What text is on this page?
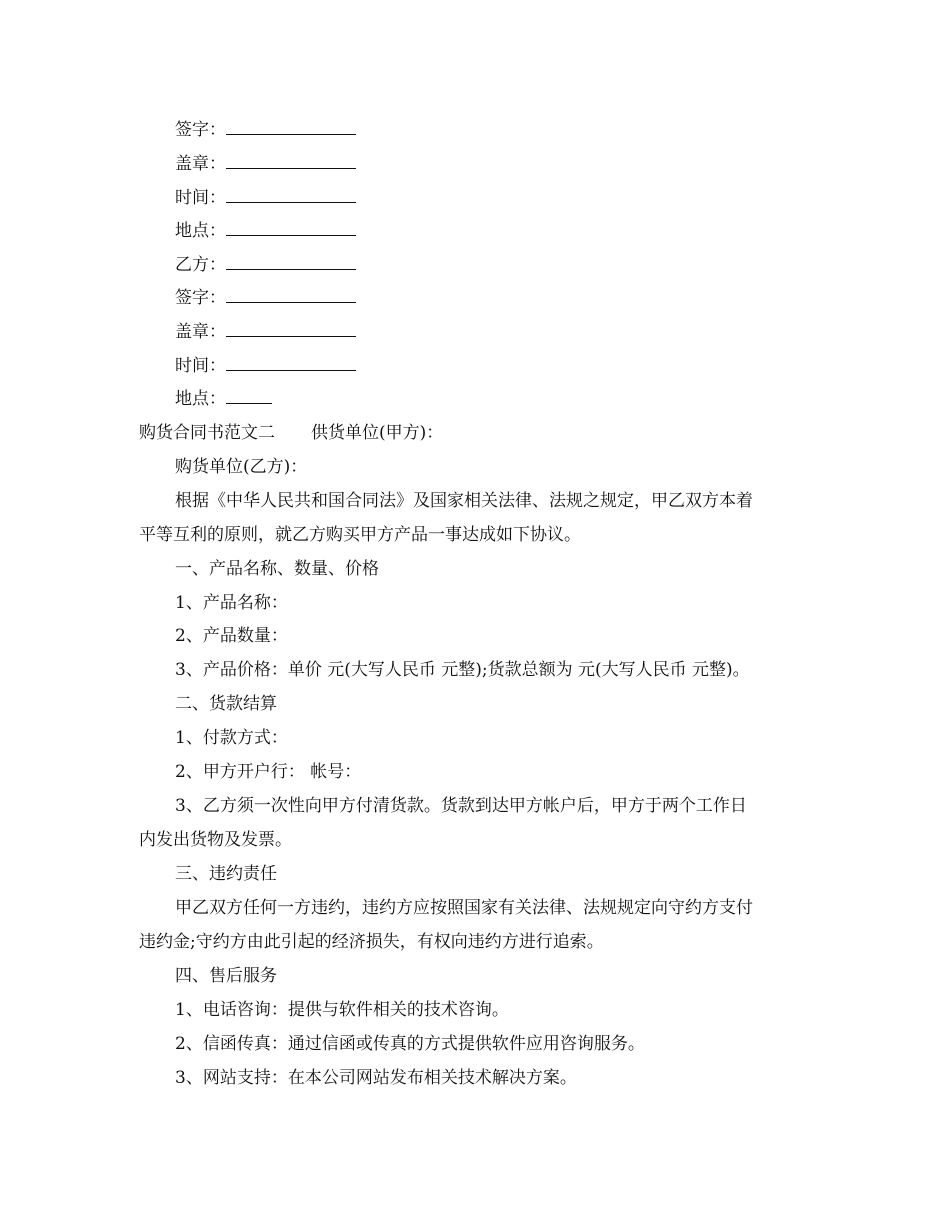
签字：
盖章：
时间：
地点：
乙方：
签字：
盖章：
时间：
地点：
购货合同书范文二 供货单位(甲方)：
购货单位(乙方)：
根据《中华人民共和国合同法》及国家相关法律、法规之规定，甲乙双方本着
平等互利的原则，就乙方购买甲方产品一事达成如下协议。
一、产品名称、数量、价格
1、产品名称：
2、产品数量：
3、产品价格：单价 元(大写人民币 元整);货款总额为 元(大写人民币 元整)。
二、货款结算
1、付款方式：
2、甲方开户行： 帐号：
3、乙方须一次性向甲方付清货款。货款到达甲方帐户后，甲方于两个工作日
内发出货物及发票。
三、违约责任
甲乙双方任何一方违约，违约方应按照国家有关法律、法规规定向守约方支付
违约金;守约方由此引起的经济损失，有权向违约方进行追索。
四、售后服务
1、电话咨询：提供与软件相关的技术咨询。
2、信函传真：通过信函或传真的方式提供软件应用咨询服务。
3、网站支持：在本公司网站发布相关技术解决方案。
